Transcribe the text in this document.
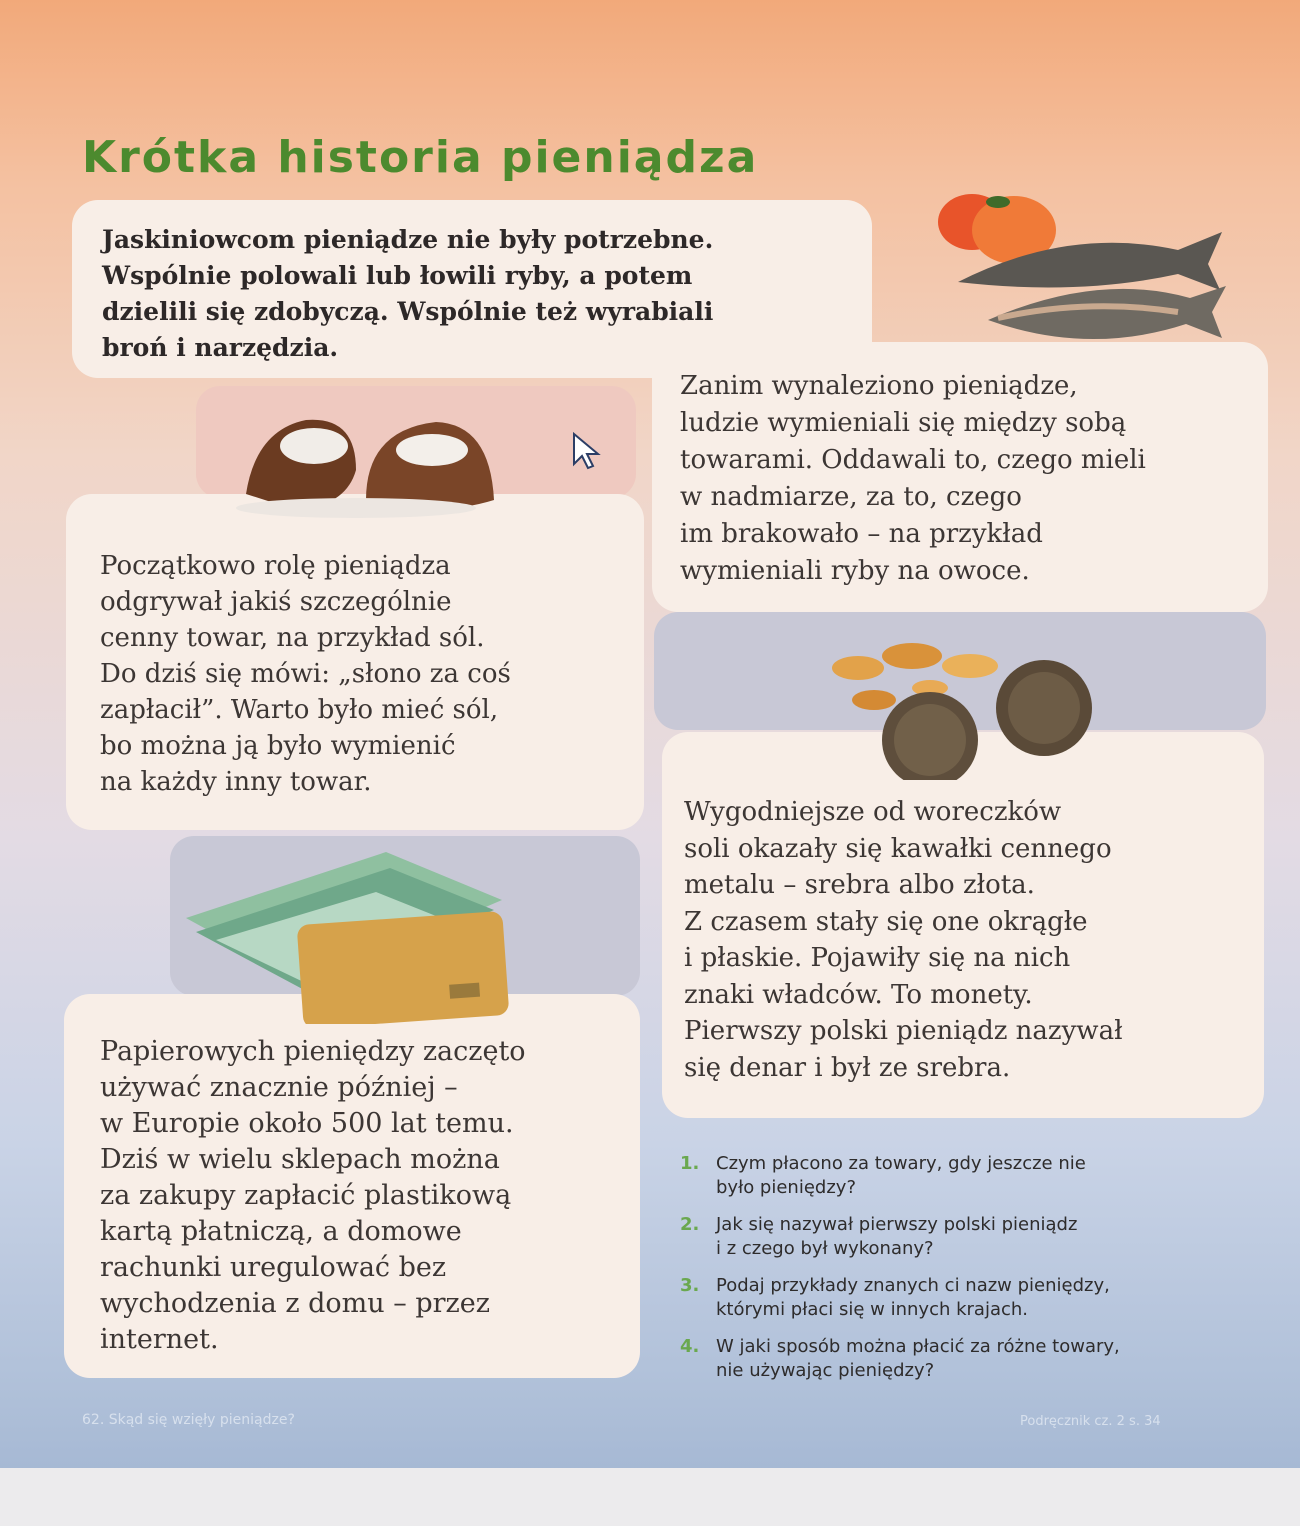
Krótka historia pieniądza
Jaskiniowcom pieniądze nie były potrzebne.
Wspólnie polowali lub łowili ryby, a potem
dzielili się zdobyczą. Wspólnie też wyrabiali
broń i narzędzia.
Zanim wynaleziono pieniądze,
ludzie wymieniali się między sobą
towarami. Oddawali to, czego mieli
w nadmiarze, za to, czego
im brakowało – na przykład
wymieniali ryby na owoce.
Początkowo rolę pieniądza
odgrywał jakiś szczególnie
cenny towar, na przykład sól.
Do dziś się mówi: „słono za coś
zapłacił”. Warto było mieć sól,
bo można ją było wymienić
na każdy inny towar.
Wygodniejsze od woreczków
soli okazały się kawałki cennego
metalu – srebra albo złota.
Z czasem stały się one okrągłe
i płaskie. Pojawiły się na nich
znaki władców. To monety.
Pierwszy polski pieniądz nazywał
się denar i był ze srebra.
Papierowych pieniędzy zaczęto
używać znacznie później –
w Europie około 500 lat temu.
Dziś w wielu sklepach można
za zakupy zapłacić plastikową
kartą płatniczą, a domowe
rachunki uregulować bez
wychodzenia z domu – przez
internet.
1. Czym płacono za towary, gdy jeszcze nie
było pieniędzy?
2. Jak się nazywał pierwszy polski pieniądz
i z czego był wykonany?
3. Podaj przykłady znanych ci nazw pieniędzy,
którymi płaci się w innych krajach.
4. W jaki sposób można płacić za różne towary,
nie używając pieniędzy?
62. Skąd się wzięły pieniądze?	Podręcznik cz. 2 s. 34
